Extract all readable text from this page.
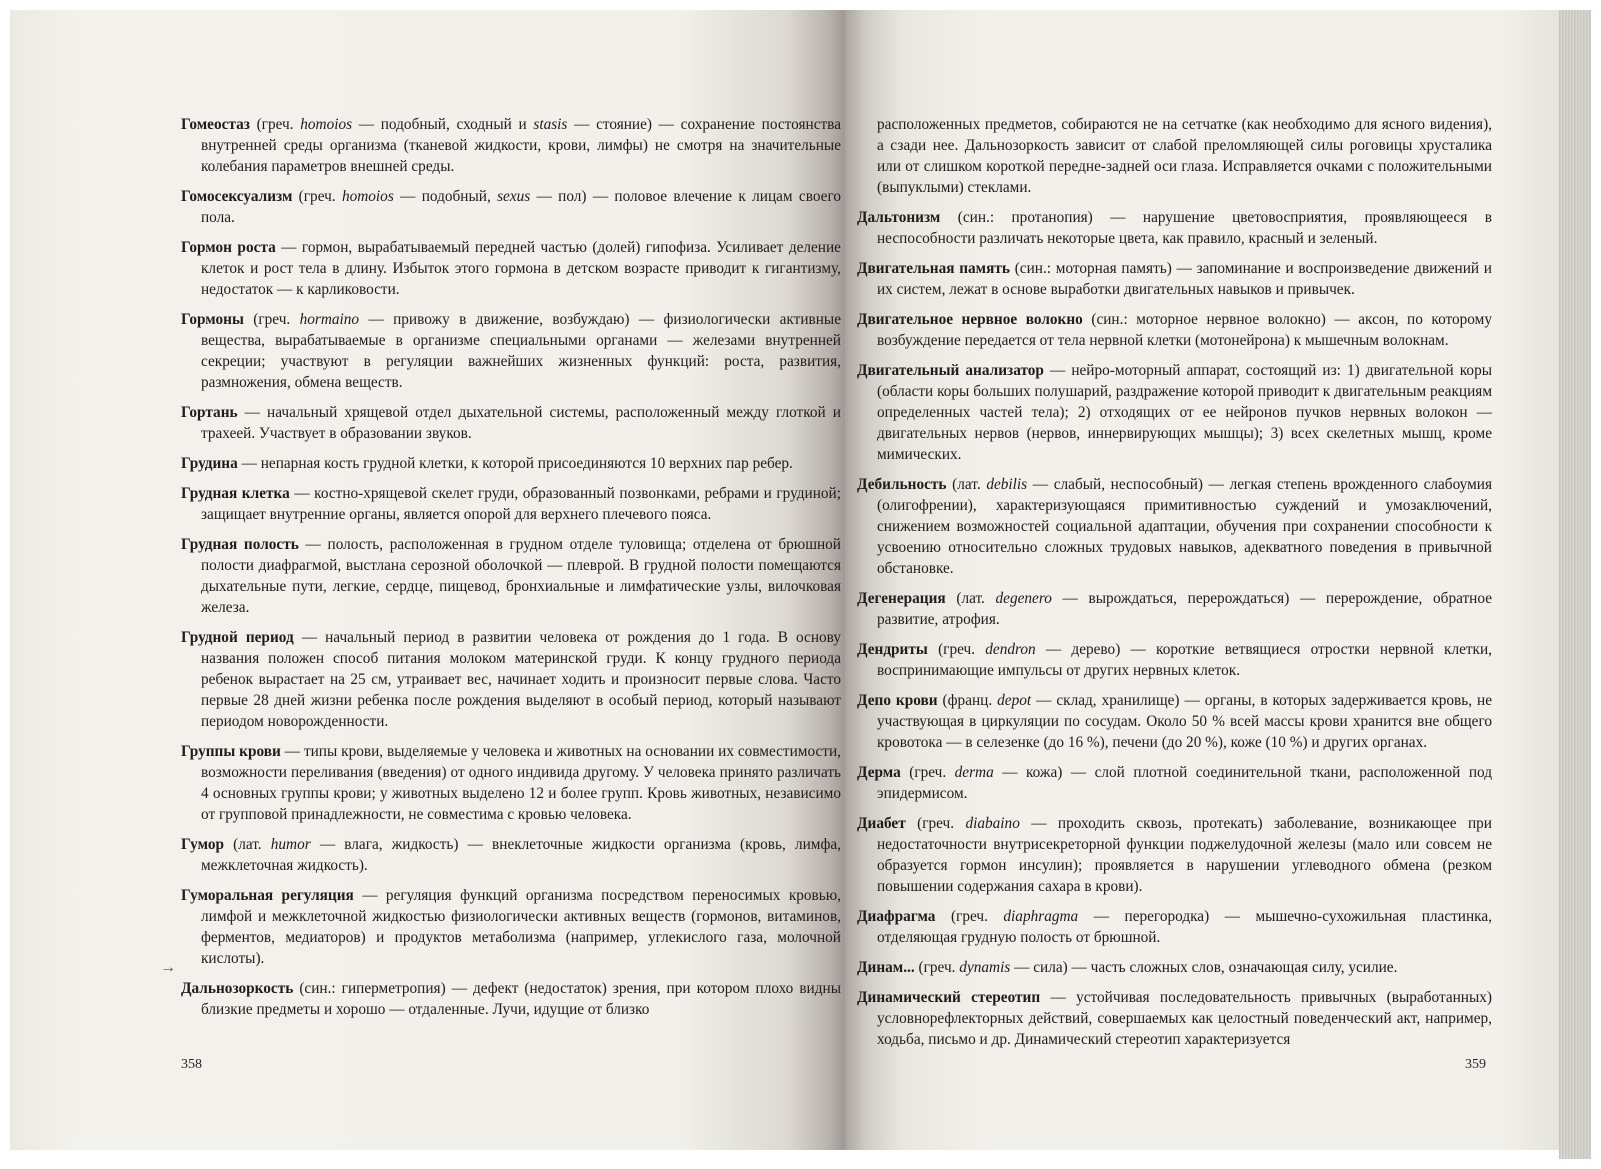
Гомеостаз (греч. homoios — подобный, сходный и stasis — стояние) — сохранение постоянства внутренней среды организма (тканевой жидкости, крови, лимфы) не смотря на значительные колебания параметров внешней среды.

Гомосексуализм (греч. homoios — подобный, sexus — пол) — половое влечение к лицам своего пола.

Гормон роста — гормон, вырабатываемый передней частью (долей) гипофиза. Усиливает деление клеток и рост тела в длину. Избыток этого гормона в детском возрасте приводит к гигантизму, недостаток — к карликовости.

Гормоны (греч. hormaino — привожу в движение, возбуждаю) — физиологически активные вещества, вырабатываемые в организме специальными органами — железами внутренней секреции; участвуют в регуляции важнейших жизненных функций: роста, развития, размножения, обмена веществ.

Гортань — начальный хрящевой отдел дыхательной системы, расположенный между глоткой и трахеей. Участвует в образовании звуков.

Грудина — непарная кость грудной клетки, к которой присоединяются 10 верхних пар ребер.

Грудная клетка — костно-хрящевой скелет груди, образованный позвонками, ребрами и грудиной; защищает внутренние органы, является опорой для верхнего плечевого пояса.

Грудная полость — полость, расположенная в грудном отделе туловища; отделена от брюшной полости диафрагмой, выстлана серозной оболочкой — плеврой. В грудной полости помещаются дыхательные пути, легкие, сердце, пищевод, бронхиальные и лимфатические узлы, вилочковая железа.

Грудной период — начальный период в развитии человека от рождения до 1 года. В основу названия положен способ питания молоком материнской груди. К концу грудного периода ребенок вырастает на 25 см, утраивает вес, начинает ходить и произносит первые слова. Часто первые 28 дней жизни ребенка после рождения выделяют в особый период, который называют периодом новорожденности.

Группы крови — типы крови, выделяемые у человека и животных на основании их совместимости, возможности переливания (введения) от одного индивида другому. У человека принято различать 4 основных группы крови; у животных выделено 12 и более групп. Кровь животных, независимо от групповой принадлежности, не совместима с кровью человека.

Гумор (лат. humor — влага, жидкость) — внеклеточные жидкости организма (кровь, лимфа, межклеточная жидкость).

Гуморальная регуляция — регуляция функций организма посредством переносимых кровью, лимфой и межклеточной жидкостью физиологически активных веществ (гормонов, витаминов, ферментов, медиаторов) и продуктов метаболизма (например, углекислого газа, молочной кислоты).

Дальнозоркость (син.: гиперметропия) — дефект (недостаток) зрения, при котором плохо видны близкие предметы и хорошо — отдаленные. Лучи, идущие от близко

→
358

расположенных предметов, собираются не на сетчатке (как необходимо для ясного видения), а сзади нее. Дальнозоркость зависит от слабой преломляющей силы роговицы хрусталика или от слишком короткой передне-задней оси глаза. Исправляется очками с положительными (выпуклыми) стеклами.

Дальтонизм (син.: протанопия) — нарушение цветовосприятия, проявляющееся в неспособности различать некоторые цвета, как правило, красный и зеленый.

Двигательная память (син.: моторная память) — запоминание и воспроизведение движений и их систем, лежат в основе выработки двигательных навыков и привычек.

Двигательное нервное волокно (син.: моторное нервное волокно) — аксон, по которому возбуждение передается от тела нервной клетки (мотонейрона) к мышечным волокнам.

Двигательный анализатор — нейро-моторный аппарат, состоящий из: 1) двигательной коры (области коры больших полушарий, раздражение которой приводит к двигательным реакциям определенных частей тела); 2) отходящих от ее нейронов пучков нервных волокон — двигательных нервов (нервов, иннервирующих мышцы); 3) всех скелетных мышц, кроме мимических.

Дебильность (лат. debilis — слабый, неспособный) — легкая степень врожденного слабоумия (олигофрении), характеризующаяся примитивностью суждений и умозаключений, снижением возможностей социальной адаптации, обучения при сохранении способности к усвоению относительно сложных трудовых навыков, адекватного поведения в привычной обстановке.

Дегенерация (лат. degenero — вырождаться, перерождаться) — перерождение, обратное развитие, атрофия.

Дендриты (греч. dendron — дерево) — короткие ветвящиеся отростки нервной клетки, воспринимающие импульсы от других нервных клеток.

Депо крови (франц. depot — склад, хранилище) — органы, в которых задерживается кровь, не участвующая в циркуляции по сосудам. Около 50 % всей массы крови хранится вне общего кровотока — в селезенке (до 16 %), печени (до 20 %), коже (10 %) и других органах.

Дерма (греч. derma — кожа) — слой плотной соединительной ткани, расположенной под эпидермисом.

Диабет (греч. diabaino — проходить сквозь, протекать) заболевание, возникающее при недостаточности внутрисекреторной функции поджелудочной железы (мало или совсем не образуется гормон инсулин); проявляется в нарушении углеводного обмена (резком повышении содержания сахара в крови).

Диафрагма (греч. diaphragma — перегородка) — мышечно-сухожильная пластинка, отделяющая грудную полость от брюшной.

Динам... (греч. dynamis — сила) — часть сложных слов, означающая силу, усилие.

Динамический стереотип — устойчивая последовательность привычных (выработанных) условнорефлекторных действий, совершаемых как целостный поведенческий акт, например, ходьба, письмо и др. Динамический стереотип характеризуется

359
